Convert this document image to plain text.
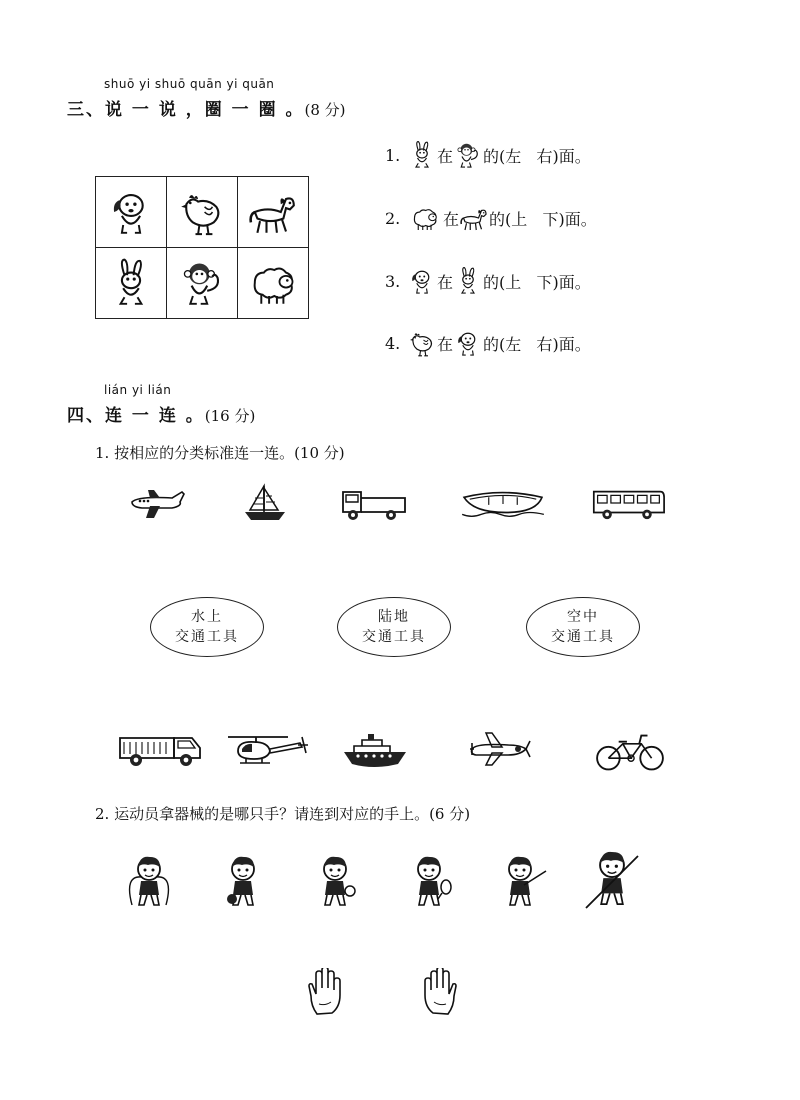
shuō yi shuō quān yi quān
三、说 一 说 ，圈 一 圈 。(8 分)

1.	在 的(左   右)面。
2.	在 的(上   下)面。
3.	在 的(上   下)面。
4.	在 的(左   右)面。
lián yi lián
四、连 一 连 。(16 分)
1. 按相应的分类标准连一连。(10 分)
水上
交通工具
陆地
交通工具
空中
交通工具
2. 运动员拿器械的是哪只手？请连到对应的手上。(6 分)
